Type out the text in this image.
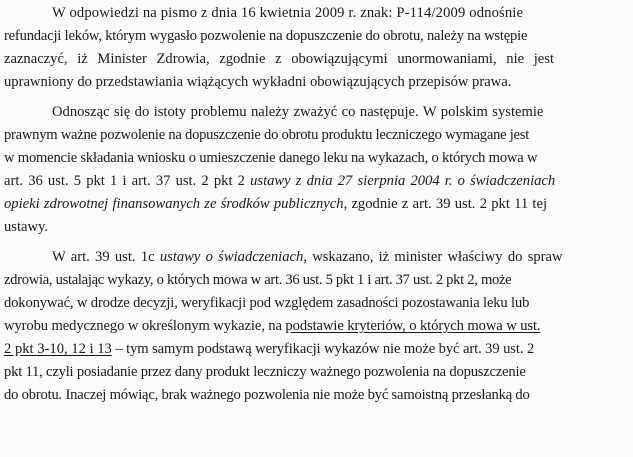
W odpowiedzi na pismo z dnia 16 kwietnia 2009 r. znak: P-114/2009 odnośnie
refundacji leków, którym wygasło pozwolenie na dopuszczenie do obrotu, należy na wstępie
zaznaczyć, iż Minister Zdrowia, zgodnie z obowiązującymi unormowaniami, nie jest
uprawniony do przedstawiania wiążących wykładni obowiązujących przepisów prawa.
Odnosząc się do istoty problemu należy zważyć co następuje. W polskim systemie
prawnym ważne pozwolenie na dopuszczenie do obrotu produktu leczniczego wymagane jest
w momencie składania wniosku o umieszczenie danego leku na wykazach, o których mowa w
art. 36 ust. 5 pkt 1 i art. 37 ust. 2 pkt 2 ustawy z dnia 27 sierpnia 2004 r. o świadczeniach
opieki zdrowotnej finansowanych ze środków publicznych, zgodnie z art. 39 ust. 2 pkt 11 tej
ustawy.
W art. 39 ust. 1c ustawy o świadczeniach, wskazano, iż minister właściwy do spraw
zdrowia, ustalając wykazy, o których mowa w art. 36 ust. 5 pkt 1 i art. 37 ust. 2 pkt 2, może
dokonywać, w drodze decyzji, weryfikacji pod względem zasadności pozostawania leku lub
wyrobu medycznego w określonym wykazie, na podstawie kryteriów, o których mowa w ust.
2 pkt 3-10, 12 i 13 – tym samym podstawą weryfikacji wykazów nie może być art. 39 ust. 2
pkt 11, czyli posiadanie przez dany produkt leczniczy ważnego pozwolenia na dopuszczenie
do obrotu. Inaczej mówiąc, brak ważnego pozwolenia nie może być samoistną przesłanką do
